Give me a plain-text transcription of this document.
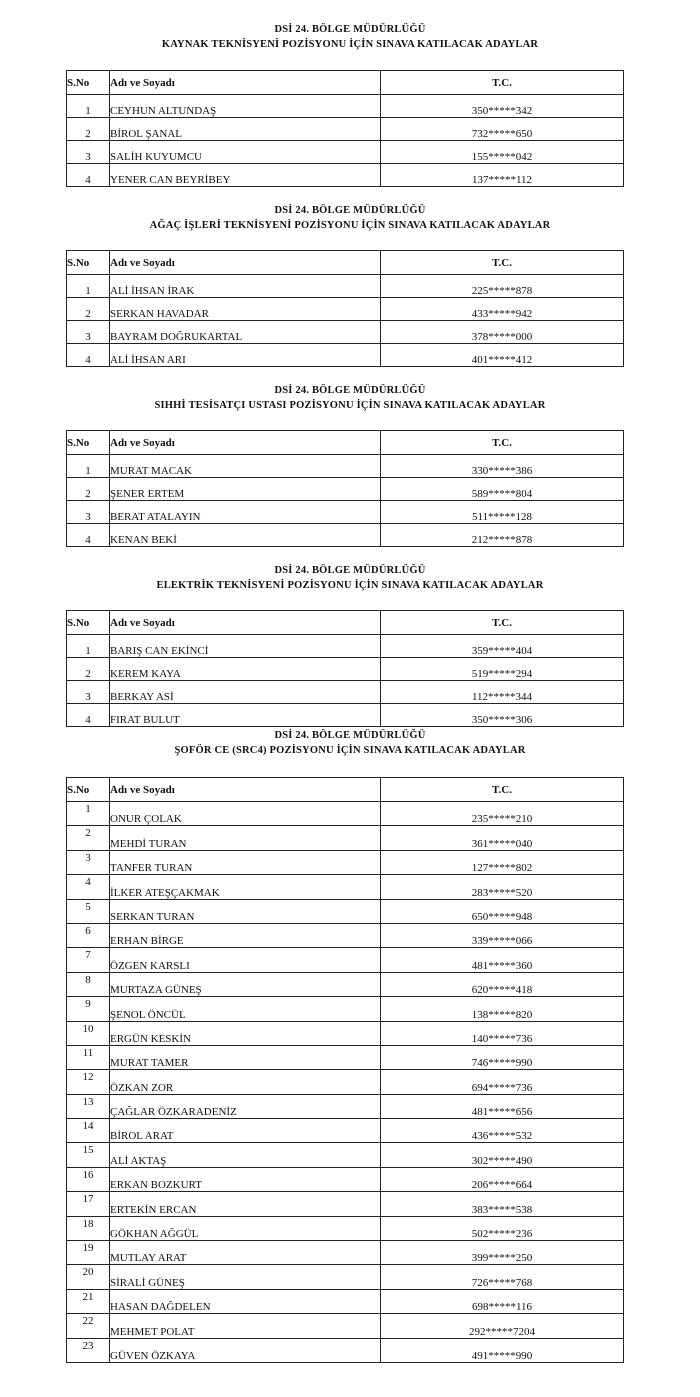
DSİ 24. BÖLGE MÜDÜRLÜĞÜ
KAYNAK TEKNİSYENİ POZİSYONU İÇİN SINAVA KATILACAK ADAYLAR
S.No	Adı ve Soyadı	T.C.
1	CEYHUN ALTUNDAŞ	350*****342
2	BİROL ŞANAL	732*****650
3	SALİH KUYUMCU	155*****042
4	YENER CAN BEYRİBEY	137*****112
DSİ 24. BÖLGE MÜDÜRLÜĞÜ
AĞAÇ İŞLERİ TEKNİSYENİ POZİSYONU İÇİN SINAVA KATILACAK ADAYLAR
S.No	Adı ve Soyadı	T.C.
1	ALİ İHSAN İRAK	225*****878
2	SERKAN HAVADAR	433*****942
3	BAYRAM DOĞRUKARTAL	378*****000
4	ALİ İHSAN ARI	401*****412
DSİ 24. BÖLGE MÜDÜRLÜĞÜ
SIHHİ TESİSATÇI USTASI POZİSYONU İÇİN SINAVA KATILACAK ADAYLAR
S.No	Adı ve Soyadı	T.C.
1	MURAT MACAK	330*****386
2	ŞENER ERTEM	589*****804
3	BERAT ATALAYIN	511*****128
4	KENAN BEKİ	212*****878
DSİ 24. BÖLGE MÜDÜRLÜĞÜ
ELEKTRİK TEKNİSYENİ POZİSYONU İÇİN SINAVA KATILACAK ADAYLAR
S.No	Adı ve Soyadı	T.C.
1	BARIŞ CAN EKİNCİ	359*****404
2	KEREM KAYA	519*****294
3	BERKAY ASİ	112*****344
4	FIRAT BULUT	350*****306
DSİ 24. BÖLGE MÜDÜRLÜĞÜ
ŞOFÖR CE (SRC4) POZİSYONU İÇİN SINAVA KATILACAK ADAYLAR
S.No	Adı ve Soyadı	T.C.
1	ONUR ÇOLAK	235*****210
2	MEHDİ TURAN	361*****040
3	TANFER TURAN	127*****802
4	İLKER ATEŞÇAKMAK	283*****520
5	SERKAN TURAN	650*****948
6	ERHAN BİRGE	339*****066
7	ÖZGEN KARSLI	481*****360
8	MURTAZA GÜNEŞ	620*****418
9	ŞENOL ÖNCÜL	138*****820
10	ERGÜN KESKİN	140*****736
11	MURAT TAMER	746*****990
12	ÖZKAN ZOR	694*****736
13	ÇAĞLAR ÖZKARADENİZ	481*****656
14	BİROL ARAT	436*****532
15	ALİ AKTAŞ	302*****490
16	ERKAN BOZKURT	206*****664
17	ERTEKİN ERCAN	383*****538
18	GÖKHAN AĞGÜL	502*****236
19	MUTLAY ARAT	399*****250
20	SİRALİ GÜNEŞ	726*****768
21	HASAN DAĞDELEN	698*****116
22	MEHMET POLAT	292*****7204
23	GÜVEN ÖZKAYA	491*****990
